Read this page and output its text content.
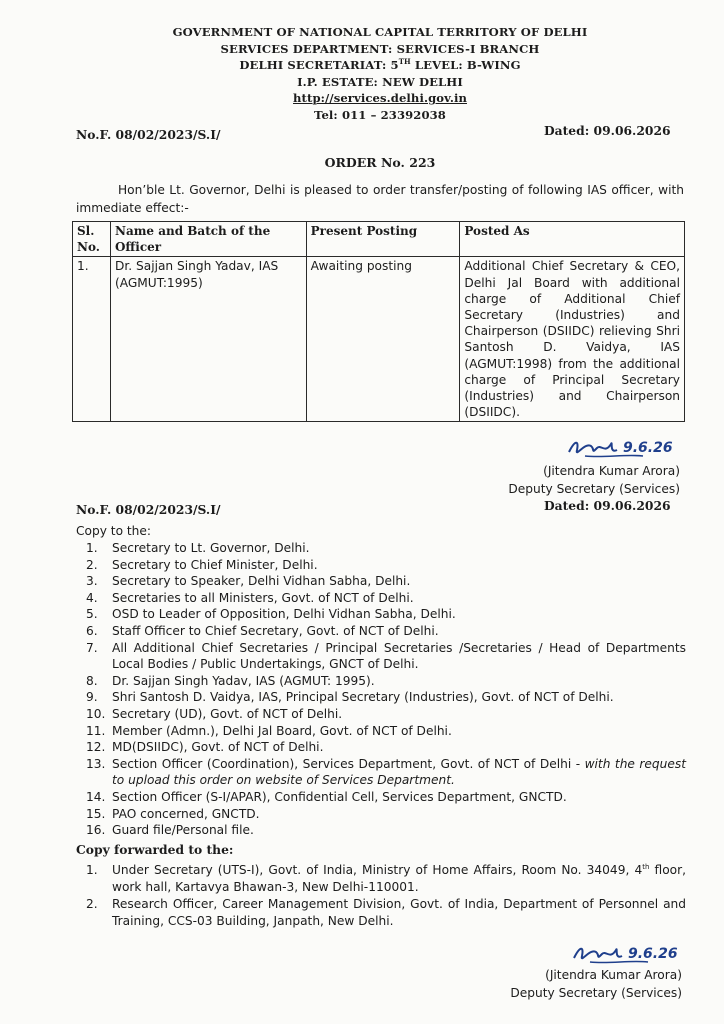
GOVERNMENT OF NATIONAL CAPITAL TERRITORY OF DELHI
SERVICES DEPARTMENT: SERVICES-I BRANCH
DELHI SECRETARIAT: 5TH LEVEL: B-WING
I.P. ESTATE: NEW DELHI
http://services.delhi.gov.in
Tel: 011 – 23392038
No.F. 08/02/2023/S.I/	Dated: 09.06.2026
ORDER No. 223
Hon’ble Lt. Governor, Delhi is pleased to order transfer/posting of following IAS officer, with immediate effect:-
Sl. No.	Name and Batch of the Officer	Present Posting	Posted As
1.	Dr. Sajjan Singh Yadav, IAS (AGMUT:1995)	Awaiting posting	Additional Chief Secretary & CEO, Delhi Jal Board with additional charge of Additional Chief Secretary (Industries) and Chairperson (DSIIDC) relieving Shri Santosh D. Vaidya, IAS (AGMUT:1998) from the additional charge of Principal Secretary (Industries) and Chairperson (DSIIDC).
9.6.26
(Jitendra Kumar Arora)
Deputy Secretary (Services)
No.F. 08/02/2023/S.I/	Dated: 09.06.2026
Copy to the:
1.	Secretary to Lt. Governor, Delhi.
2.	Secretary to Chief Minister, Delhi.
3.	Secretary to Speaker, Delhi Vidhan Sabha, Delhi.
4.	Secretaries to all Ministers, Govt. of NCT of Delhi.
5.	OSD to Leader of Opposition, Delhi Vidhan Sabha, Delhi.
6.	Staff Officer to Chief Secretary, Govt. of NCT of Delhi.
7.	All Additional Chief Secretaries / Principal Secretaries /Secretaries / Head of Departments Local Bodies / Public Undertakings, GNCT of Delhi.
8.	Dr. Sajjan Singh Yadav, IAS (AGMUT: 1995).
9.	Shri Santosh D. Vaidya, IAS, Principal Secretary (Industries), Govt. of NCT of Delhi.
10. Secretary (UD), Govt. of NCT of Delhi.
11. Member (Admn.), Delhi Jal Board, Govt. of NCT of Delhi.
12. MD(DSIIDC), Govt. of NCT of Delhi.
13. Section Officer (Coordination), Services Department, Govt. of NCT of Delhi - with the request to upload this order on website of Services Department.
14. Section Officer (S-I/APAR), Confidential Cell, Services Department, GNCTD.
15. PAO concerned, GNCTD.
16. Guard file/Personal file.
Copy forwarded to the:
1.	Under Secretary (UTS-I), Govt. of India, Ministry of Home Affairs, Room No. 34049, 4th floor, work hall, Kartavya Bhawan-3, New Delhi-110001.
2.	Research Officer, Career Management Division, Govt. of India, Department of Personnel and Training, CCS-03 Building, Janpath, New Delhi.
9.6.26
(Jitendra Kumar Arora)
Deputy Secretary (Services)
